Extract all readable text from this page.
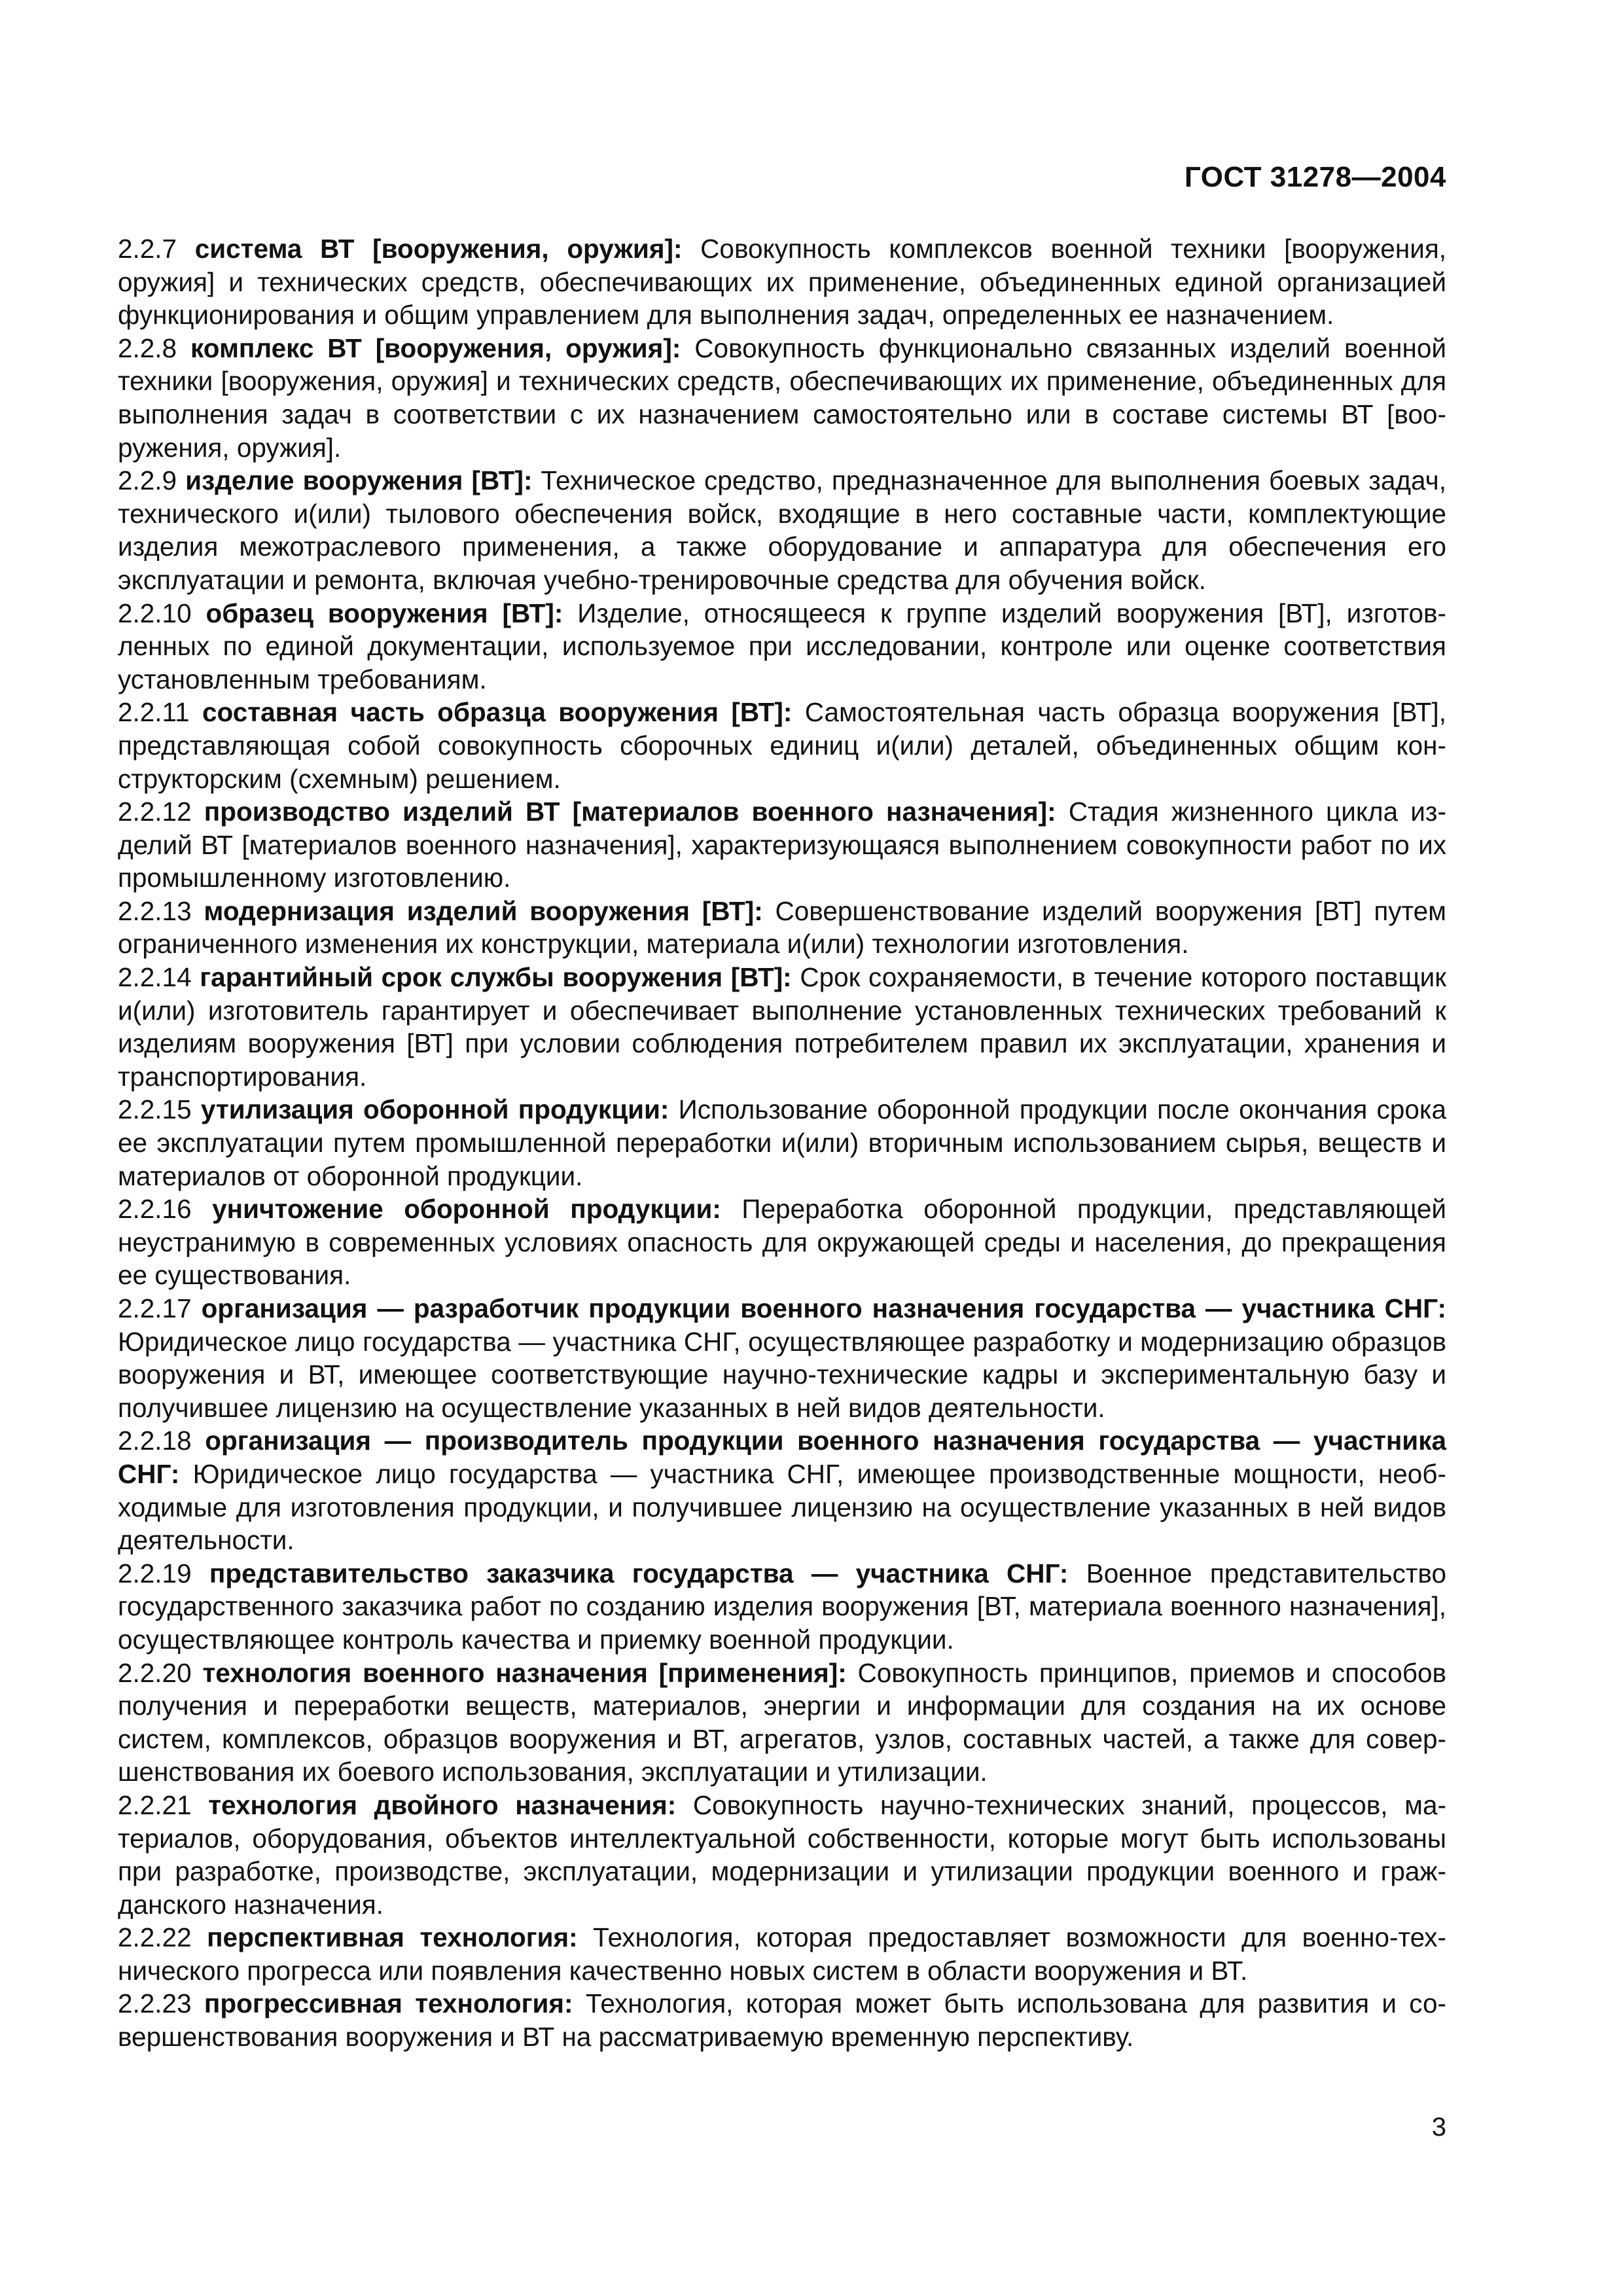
ГОСТ 31278—2004

2.2.7 система ВТ [вооружения, оружия]: Совокупность комплексов военной техники [вооружения, оружия] и технических средств, обеспечивающих их применение, объединенных единой организацией функционирования и общим управлением для выполнения задач, определенных ее назначением.

2.2.8 комплекс ВТ [вооружения, оружия]: Совокупность функционально связанных изделий военной техники [вооружения, оружия] и технических средств, обеспечивающих их применение, объединенных для выполнения задач в соответствии с их назначением самостоятельно или в составе системы ВТ [вооружения, оружия].

2.2.9 изделие вооружения [ВТ]: Техническое средство, предназначенное для выполнения боевых задач, технического и(или) тылового обеспечения войск, входящие в него составные части, комплектующие изделия межотраслевого применения, а также оборудование и аппаратура для обеспечения его эксплуатации и ремонта, включая учебно-тренировочные средства для обучения войск.

2.2.10 образец вооружения [ВТ]: Изделие, относящееся к группе изделий вооружения [ВТ], изготовленных по единой документации, используемое при исследовании, контроле или оценке соответствия установленным требованиям.

2.2.11 составная часть образца вооружения [ВТ]: Самостоятельная часть образца вооружения [ВТ], представляющая собой совокупность сборочных единиц и(или) деталей, объединенных общим конструкторским (схемным) решением.

2.2.12 производство изделий ВТ [материалов военного назначения]: Стадия жизненного цикла изделий ВТ [материалов военного назначения], характеризующаяся выполнением совокупности работ по их промышленному изготовлению.

2.2.13 модернизация изделий вооружения [ВТ]: Совершенствование изделий вооружения [ВТ] путем ограниченного изменения их конструкции, материала и(или) технологии изготовления.

2.2.14 гарантийный срок службы вооружения [ВТ]: Срок сохраняемости, в течение которого поставщик и(или) изготовитель гарантирует и обеспечивает выполнение установленных технических требований к изделиям вооружения [ВТ] при условии соблюдения потребителем правил их эксплуатации, хранения и транспортирования.

2.2.15 утилизация оборонной продукции: Использование оборонной продукции после окончания срока ее эксплуатации путем промышленной переработки и(или) вторичным использованием сырья, веществ и материалов от оборонной продукции.

2.2.16 уничтожение оборонной продукции: Переработка оборонной продукции, представляющей неустранимую в современных условиях опасность для окружающей среды и населения, до прекращения ее существования.

2.2.17 организация — разработчик продукции военного назначения государства — участника СНГ: Юридическое лицо государства — участника СНГ, осуществляющее разработку и модернизацию образцов вооружения и ВТ, имеющее соответствующие научно-технические кадры и экспериментальную базу и получившее лицензию на осуществление указанных в ней видов деятельности.

2.2.18 организация — производитель продукции военного назначения государства — участника СНГ: Юридическое лицо государства — участника СНГ, имеющее производственные мощности, необходимые для изготовления продукции, и получившее лицензию на осуществление указанных в ней видов деятельности.

2.2.19 представительство заказчика государства — участника СНГ: Военное представительство государственного заказчика работ по созданию изделия вооружения [ВТ, материала военного назначения], осуществляющее контроль качества и приемку военной продукции.

2.2.20 технология военного назначения [применения]: Совокупность принципов, приемов и способов получения и переработки веществ, материалов, энергии и информации для создания на их основе систем, комплексов, образцов вооружения и ВТ, агрегатов, узлов, составных частей, а также для совершенствования их боевого использования, эксплуатации и утилизации.

2.2.21 технология двойного назначения: Совокупность научно-технических знаний, процессов, материалов, оборудования, объектов интеллектуальной собственности, которые могут быть использованы при разработке, производстве, эксплуатации, модернизации и утилизации продукции военного и гражданского назначения.

2.2.22 перспективная технология: Технология, которая предоставляет возможности для военно-технического прогресса или появления качественно новых систем в области вооружения и ВТ.

2.2.23 прогрессивная технология: Технология, которая может быть использована для развития и совершенствования вооружения и ВТ на рассматриваемую временную перспективу.

3
